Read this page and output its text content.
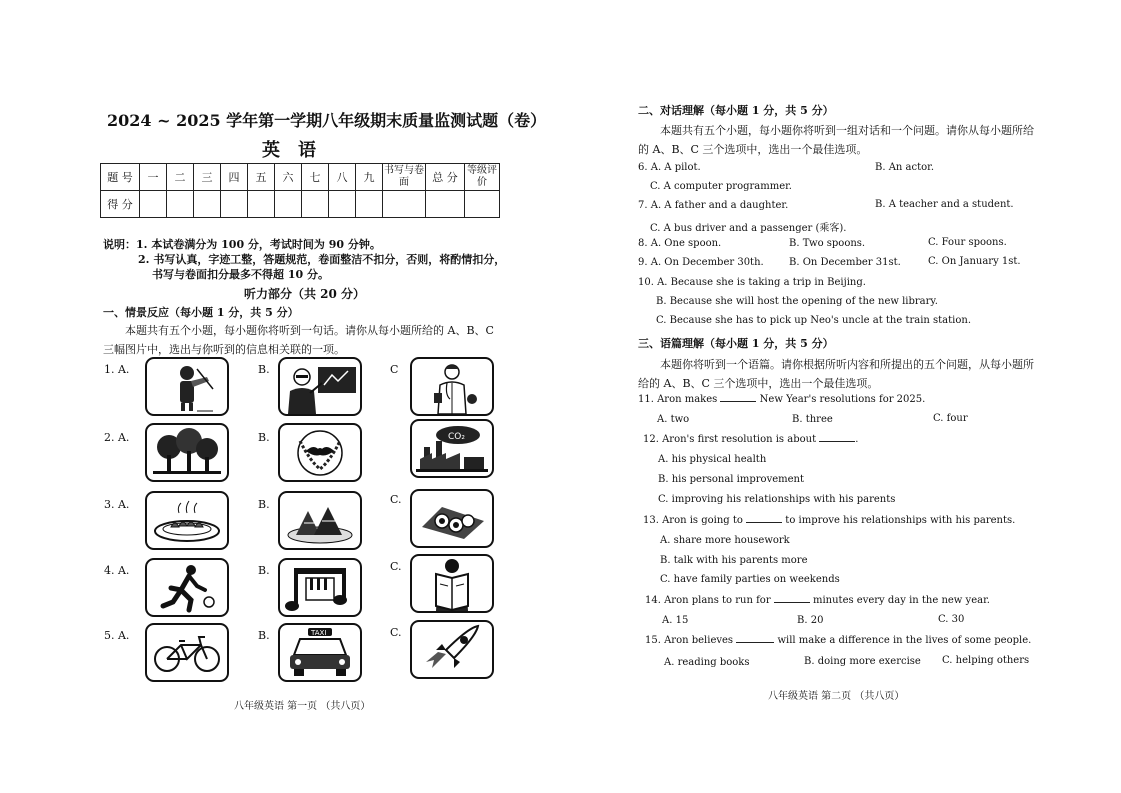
2024 ~ 2025 学年第一学期八年级期末质量监测试题（卷）
英　语
题 号	一	二	三	四	五	六	七	八	九	书写与卷面	总 分	等级评价
得 分												
说明：1. 本试卷满分为 100 分，考试时间为 90 分钟。
2. 书写认真，字迹工整，答题规范，卷面整洁不扣分，否则，将酌情扣分，
书写与卷面扣分最多不得超 10 分。
听力部分（共 20 分）
一、情景反应（每小题 1 分，共 5 分）
本题共有五个小题，每小题你将听到一句话。请你从每小题所给的 A、B、C
三幅图片中，选出与你听到的信息相关联的一项。
1. A.	B.	C
2. A.	B.	CO₂
3. A.	B.	C.
4. A.	B.	C.
5. A.	B.	C.
TAXI
八年级英语 第一页 （共八页）
二、对话理解（每小题 1 分，共 5 分）
本题共有五个小题，每小题你将听到一组对话和一个问题。请你从每小题所给
的 A、B、C 三个选项中，选出一个最佳选项。
6. A. A pilot.	B. An actor.
C. A computer programmer.
7. A. A father and a daughter.	B. A teacher and a student.
C. A bus driver and a passenger (乘客).
8. A. One spoon.	B. Two spoons.	C. Four spoons.
9. A. On December 30th.	B. On December 31st.	C. On January 1st.
10. A. Because she is taking a trip in Beijing.
B. Because she will host the opening of the new library.
C. Because she has to pick up Neo's uncle at the train station.
三、语篇理解（每小题 1 分，共 5 分）
本题你将听到一个语篇。请你根据所听内容和所提出的五个问题，从每小题所
给的 A、B、C 三个选项中，选出一个最佳选项。
11. Aron makes	New Year's resolutions for 2025.
A. two	B. three	C. four
12. Aron's first resolution is about	.
A. his physical health
B. his personal improvement
C. improving his relationships with his parents
13. Aron is going to	to improve his relationships with his parents.
A. share more housework
B. talk with his parents more
C. have family parties on weekends
14. Aron plans to run for	minutes every day in the new year.
A. 15	B. 20	C. 30
15. Aron believes	will make a difference in the lives of some people.
A. reading books	B. doing more exercise C. helping others
八年级英语 第二页 （共八页）
